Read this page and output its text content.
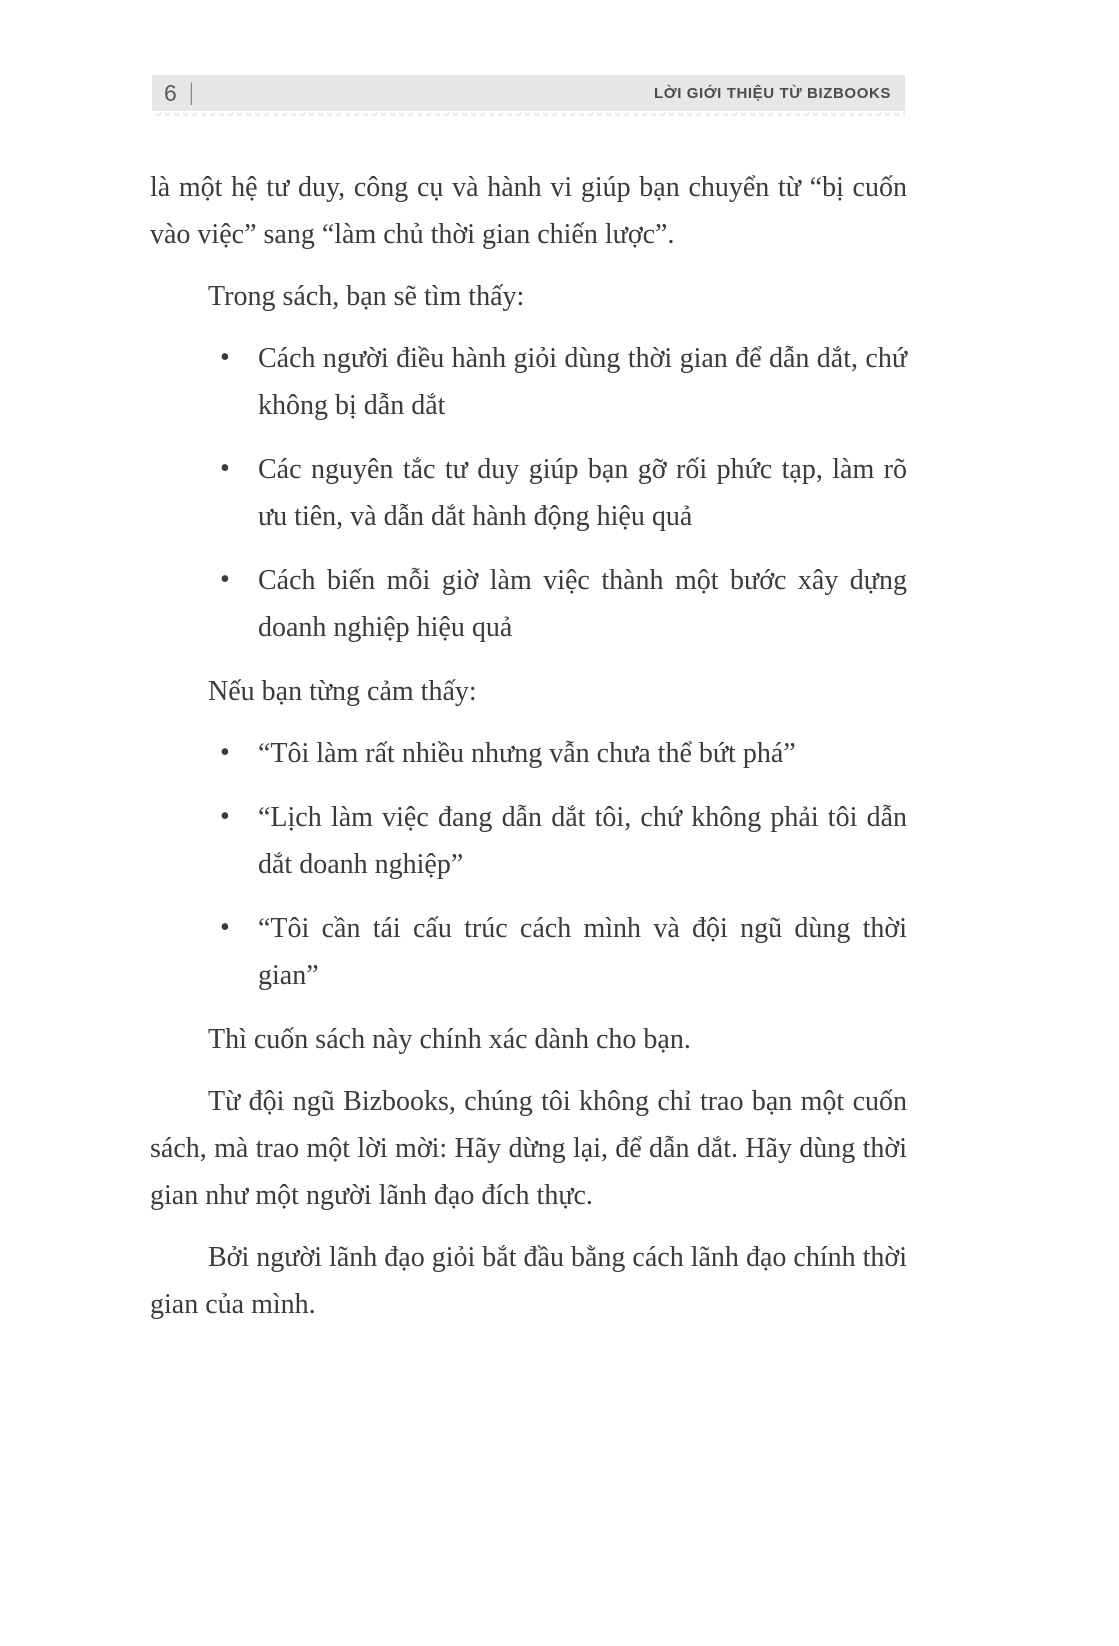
6 |	LỜI GIỚI THIỆU TỪ BIZBOOKS

là một hệ tư duy, công cụ và hành vi giúp bạn chuyển từ “bị cuốn vào việc” sang “làm chủ thời gian chiến lược”.

Trong sách, bạn sẽ tìm thấy:

• Cách người điều hành giỏi dùng thời gian để dẫn dắt, chứ không bị dẫn dắt
• Các nguyên tắc tư duy giúp bạn gỡ rối phức tạp, làm rõ ưu tiên, và dẫn dắt hành động hiệu quả
• Cách biến mỗi giờ làm việc thành một bước xây dựng doanh nghiệp hiệu quả

Nếu bạn từng cảm thấy:

• “Tôi làm rất nhiều nhưng vẫn chưa thể bứt phá”
• “Lịch làm việc đang dẫn dắt tôi, chứ không phải tôi dẫn dắt doanh nghiệp”
• “Tôi cần tái cấu trúc cách mình và đội ngũ dùng thời gian”

Thì cuốn sách này chính xác dành cho bạn.

Từ đội ngũ Bizbooks, chúng tôi không chỉ trao bạn một cuốn sách, mà trao một lời mời: Hãy dừng lại, để dẫn dắt. Hãy dùng thời gian như một người lãnh đạo đích thực.

Bởi người lãnh đạo giỏi bắt đầu bằng cách lãnh đạo chính thời gian của mình.
